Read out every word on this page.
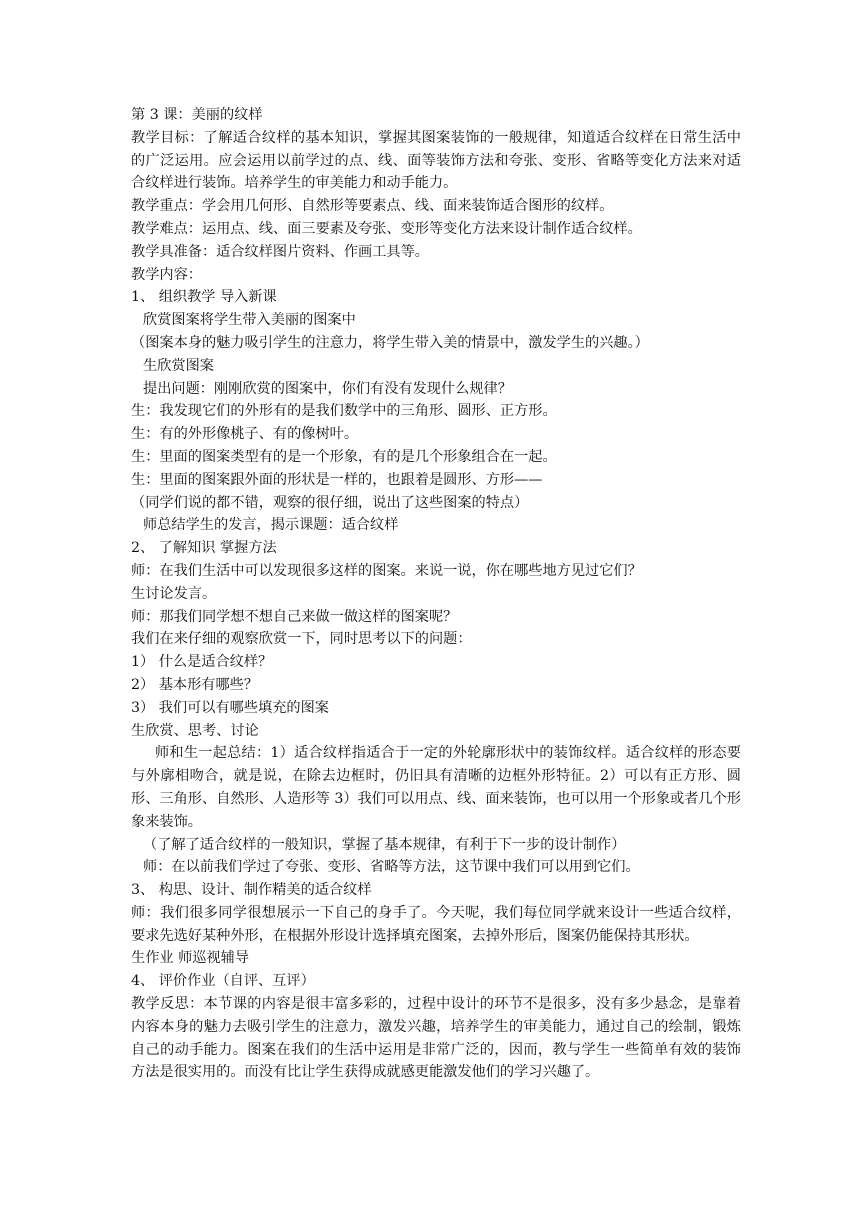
第 3 课：美丽的纹样
教学目标：了解适合纹样的基本知识，掌握其图案装饰的一般规律，知道适合纹样在日常生活中的广泛运用。应会运用以前学过的点、线、面等装饰方法和夸张、变形、省略等变化方法来对适合纹样进行装饰。培养学生的审美能力和动手能力。
教学重点：学会用几何形、自然形等要素点、线、面来装饰适合图形的纹样。
教学难点：运用点、线、面三要素及夸张、变形等变化方法来设计制作适合纹样。
教学具准备：适合纹样图片资料、作画工具等。
教学内容：
1、 组织教学 导入新课
欣赏图案将学生带入美丽的图案中
（图案本身的魅力吸引学生的注意力，将学生带入美的情景中，激发学生的兴趣。）
生欣赏图案
提出问题：刚刚欣赏的图案中，你们有没有发现什么规律？
生：我发现它们的外形有的是我们数学中的三角形、圆形、正方形。
生：有的外形像桃子、有的像树叶。
生：里面的图案类型有的是一个形象，有的是几个形象组合在一起。
生：里面的图案跟外面的形状是一样的，也跟着是圆形、方形——
（同学们说的都不错，观察的很仔细，说出了这些图案的特点）
师总结学生的发言，揭示课题：适合纹样
2、 了解知识 掌握方法
师：在我们生活中可以发现很多这样的图案。来说一说，你在哪些地方见过它们？
生讨论发言。
师：那我们同学想不想自己来做一做这样的图案呢？
我们在来仔细的观察欣赏一下，同时思考以下的问题：
1） 什么是适合纹样？
2） 基本形有哪些？
3） 我们可以有哪些填充的图案
生欣赏、思考、讨论
师和生一起总结：1）适合纹样指适合于一定的外轮廓形状中的装饰纹样。适合纹样的形态要与外廓相吻合，就是说，在除去边框时，仍旧具有清晰的边框外形特征。2）可以有正方形、圆形、三角形、自然形、人造形等 3）我们可以用点、线、面来装饰，也可以用一个形象或者几个形象来装饰。
（了解了适合纹样的一般知识，掌握了基本规律，有利于下一步的设计制作）
师：在以前我们学过了夸张、变形、省略等方法，这节课中我们可以用到它们。
3、 构思、设计、制作精美的适合纹样
师：我们很多同学很想展示一下自己的身手了。今天呢，我们每位同学就来设计一些适合纹样，要求先选好某种外形，在根据外形设计选择填充图案，去掉外形后，图案仍能保持其形状。
生作业 师巡视辅导
4、 评价作业（自评、互评）
教学反思：本节课的内容是很丰富多彩的，过程中设计的环节不是很多，没有多少悬念，是靠着内容本身的魅力去吸引学生的注意力，激发兴趣，培养学生的审美能力，通过自己的绘制，锻炼自己的动手能力。图案在我们的生活中运用是非常广泛的，因而，教与学生一些简单有效的装饰方法是很实用的。而没有比让学生获得成就感更能激发他们的学习兴趣了。
